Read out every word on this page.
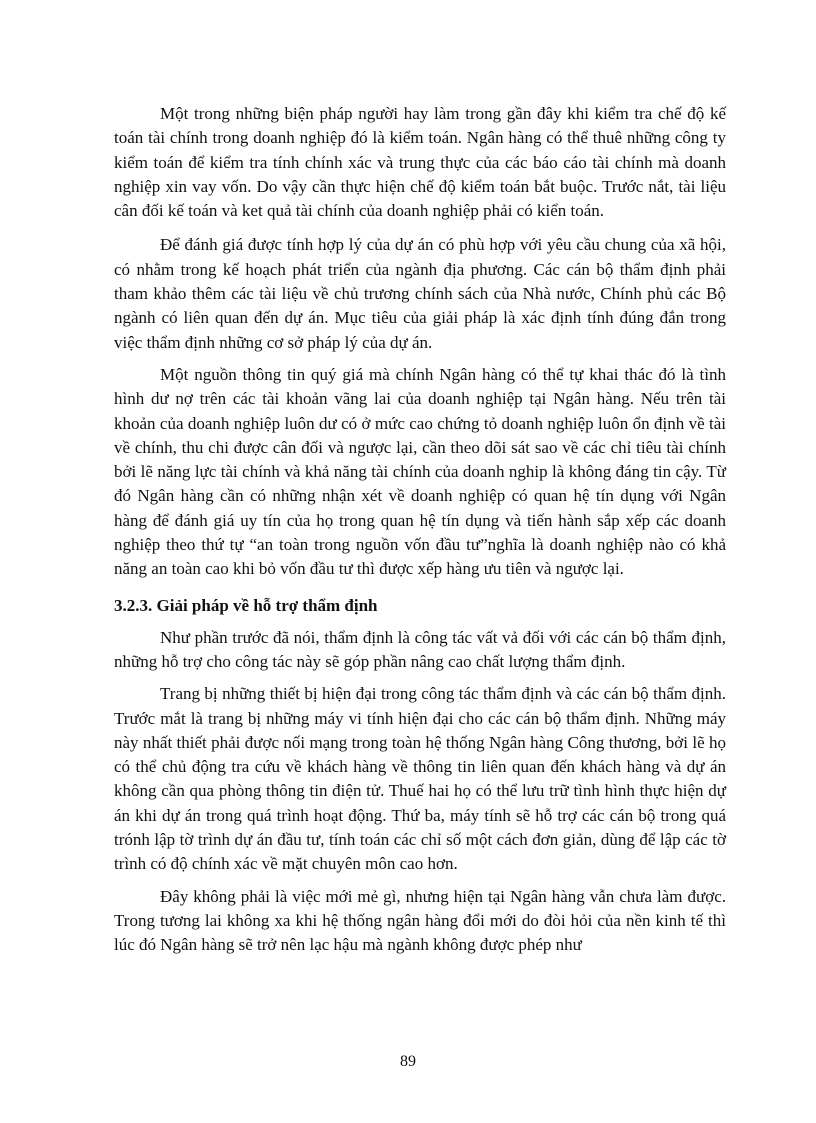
Một trong những biện pháp người hay làm trong gần đây khi kiểm tra chế độ kế toán tài chính trong doanh nghiệp đó là kiểm toán. Ngân hàng có thể thuê những công ty kiểm toán để kiểm tra tính chính xác và trung thực của các báo cáo tài chính mà doanh nghiệp xin vay vốn. Do vậy cần thực hiện chế độ kiểm toán bắt buộc. Trước nắt, tài liệu cân đối kế toán và ket quả tài chính của doanh nghiệp phải có kiển toán.

Để đánh giá được tính hợp lý của dự án có phù hợp với yêu cầu chung của xã hội, có nhằm trong kế hoạch phát triển của ngành địa phương. Các cán bộ thẩm định phải tham khảo thêm các tài liệu về chủ trương chính sách của Nhà nước, Chính phủ các Bộ ngành có liên quan đến dự án. Mục tiêu của giải pháp là xác định tính đúng đắn trong việc thẩm định những cơ sở pháp lý của dự án.

Một nguồn thông tin quý giá mà chính Ngân hàng có thể tự khai thác đó là tình hình dư nợ trên các tài khoản vãng lai của doanh nghiệp tại Ngân hàng. Nếu trên tài khoản của doanh nghiệp luôn dư có ở mức cao chứng tỏ doanh nghiệp luôn ổn định về tài về chính, thu chi được cân đối và ngược lại, cần theo dõi sát sao về các chỉ tiêu tài chính bởi lẽ năng lực tài chính và khả năng tài chính của doanh nghip là không đáng tin cậy. Từ đó Ngân hàng cần có những nhận xét về doanh nghiệp có quan hệ tín dụng với Ngân hàng để đánh giá uy tín của họ trong quan hệ tín dụng và tiến hành sắp xếp các doanh nghiệp theo thứ tự “an toàn trong nguồn vốn đầu tư”nghĩa là doanh nghiệp nào có khả năng an toàn cao khi bỏ vốn đầu tư thì được xếp hàng ưu tiên và ngược lại.

3.2.3. Giải pháp về hỗ trợ thẩm định

Như phần trước đã nói, thẩm định là công tác vất vả đối với các cán bộ thẩm định, những hỗ trợ cho công tác này sẽ góp phần nâng cao chất lượng thẩm định.

Trang bị những thiết bị hiện đại trong công tác thẩm định và các cán bộ thẩm định. Trước mắt là trang bị những máy vi tính hiện đại cho các cán bộ thẩm định. Những máy này nhất thiết phải được nối mạng trong toàn hệ thống Ngân hàng Công thương, bởi lẽ họ có thể chủ động tra cứu về khách hàng về thông tin liên quan đến khách hàng và dự án không cần qua phòng thông tin điện tử. Thuế hai họ có thể lưu trữ tình hình thực hiện dự án khi dự án trong quá trình hoạt động. Thứ ba, máy tính sẽ hỗ trợ các cán bộ trong quá trónh lập tờ trình dự án đầu tư, tính toán các chỉ số một cách đơn giản, dùng để lập các tờ trình có độ chính xác về mặt chuyên môn cao hơn.

Đây không phải là việc mới mẻ gì, nhưng hiện tại Ngân hàng vẫn chưa làm được. Trong tương lai không xa khi hệ thống ngân hàng đổi mới do đòi hỏi của nền kinh tế thì lúc đó Ngân hàng sẽ trở nên lạc hậu mà ngành không được phép như

89
